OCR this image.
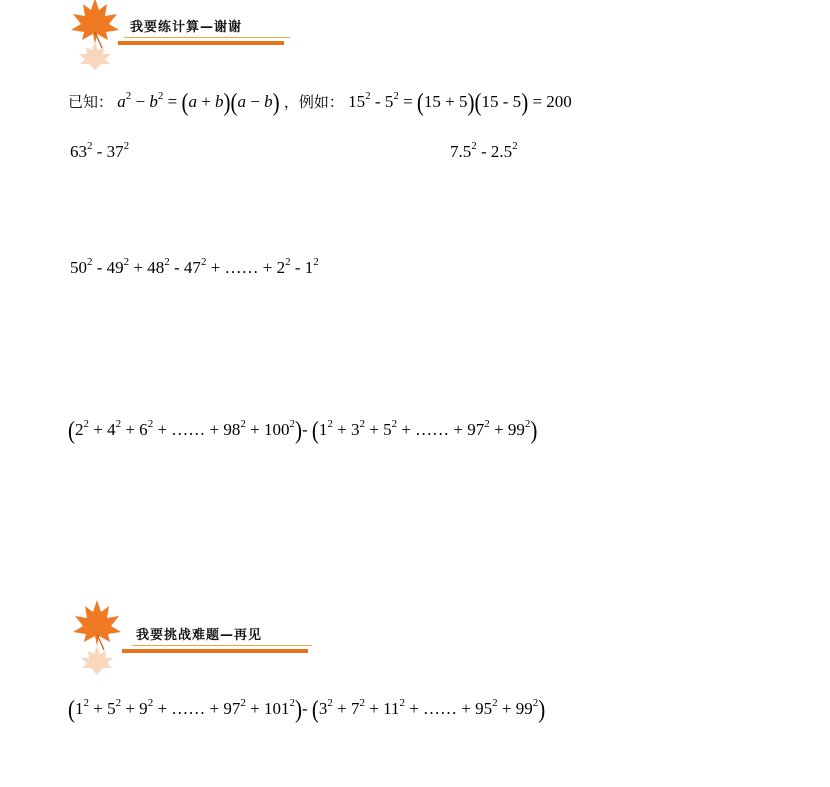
我要练计算—谢谢
已知： $a^2 - b^2 = (a + b)(a - b)$ ，例如： $15^2 - 5^2 = (15 + 5)(15 - 5) = 200$
$63^2 - 37^2$	$7.5^2 - 2.5^2$
$50^2 - 49^2 + 48^2 - 47^2$ + …… + $2^2 - 1^2$
($2^2 + 4^2 + 6^2$ + …… + $98^2 + 100^2)-$ ($1^2 + 3^2 + 5^2$ + …… + $97^2 + 99^2$)
我要挑战难题—再见
($1^2 + 5^2 + 9^2$ + …… + $97^2 + 101^2)-$ ($3^2 + 7^2 + 11^2$ + …… + $95^2 + 99^2$)
